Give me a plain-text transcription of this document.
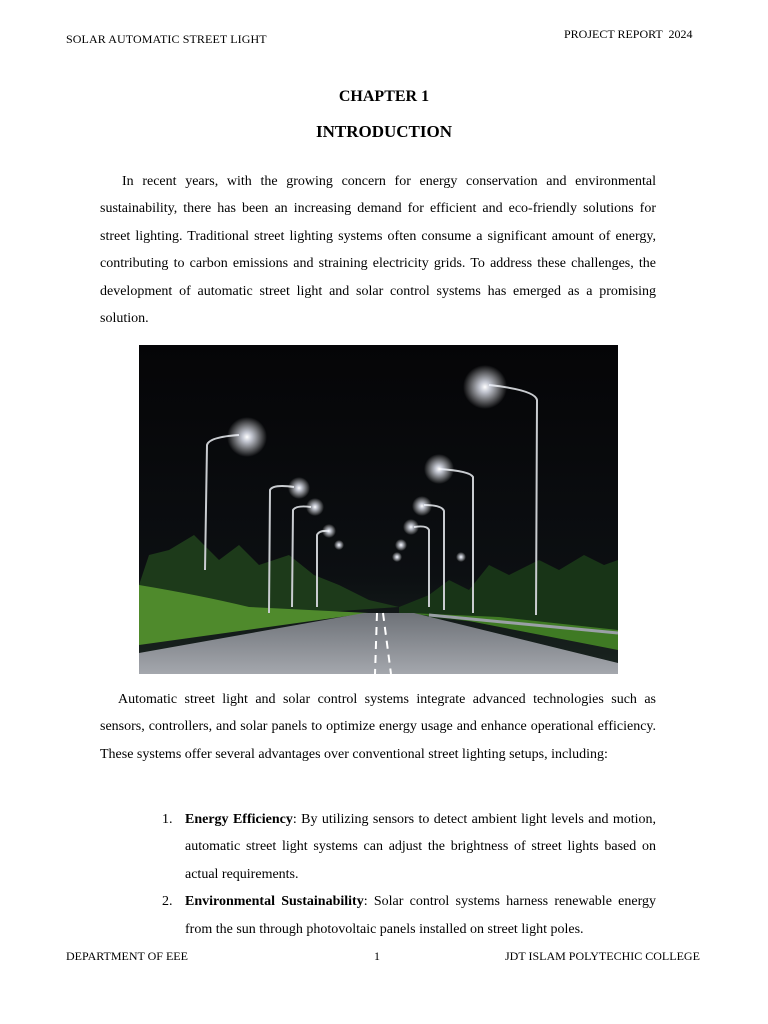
SOLAR AUTOMATIC STREET LIGHT	PROJECT REPORT  2024
CHAPTER 1
INTRODUCTION

In recent years, with the growing concern for energy conservation and environmental sustainability, there has been an increasing demand for efficient and eco-friendly solutions for street lighting. Traditional street lighting systems often consume a significant amount of energy, contributing to carbon emissions and straining electricity grids. To address these challenges, the development of automatic street light and solar control systems has emerged as a promising solution.

Automatic street light and solar control systems integrate advanced technologies such as sensors, controllers, and solar panels to optimize energy usage and enhance operational efficiency. These systems offer several advantages over conventional street lighting setups, including:

1. Energy Efficiency: By utilizing sensors to detect ambient light levels and motion, automatic street light systems can adjust the brightness of street lights based on actual requirements.
2. Environmental Sustainability: Solar control systems harness renewable energy from the sun through photovoltaic panels installed on street light poles.
DEPARTMENT OF EEE	1	JDT ISLAM POLYTECHIC COLLEGE
